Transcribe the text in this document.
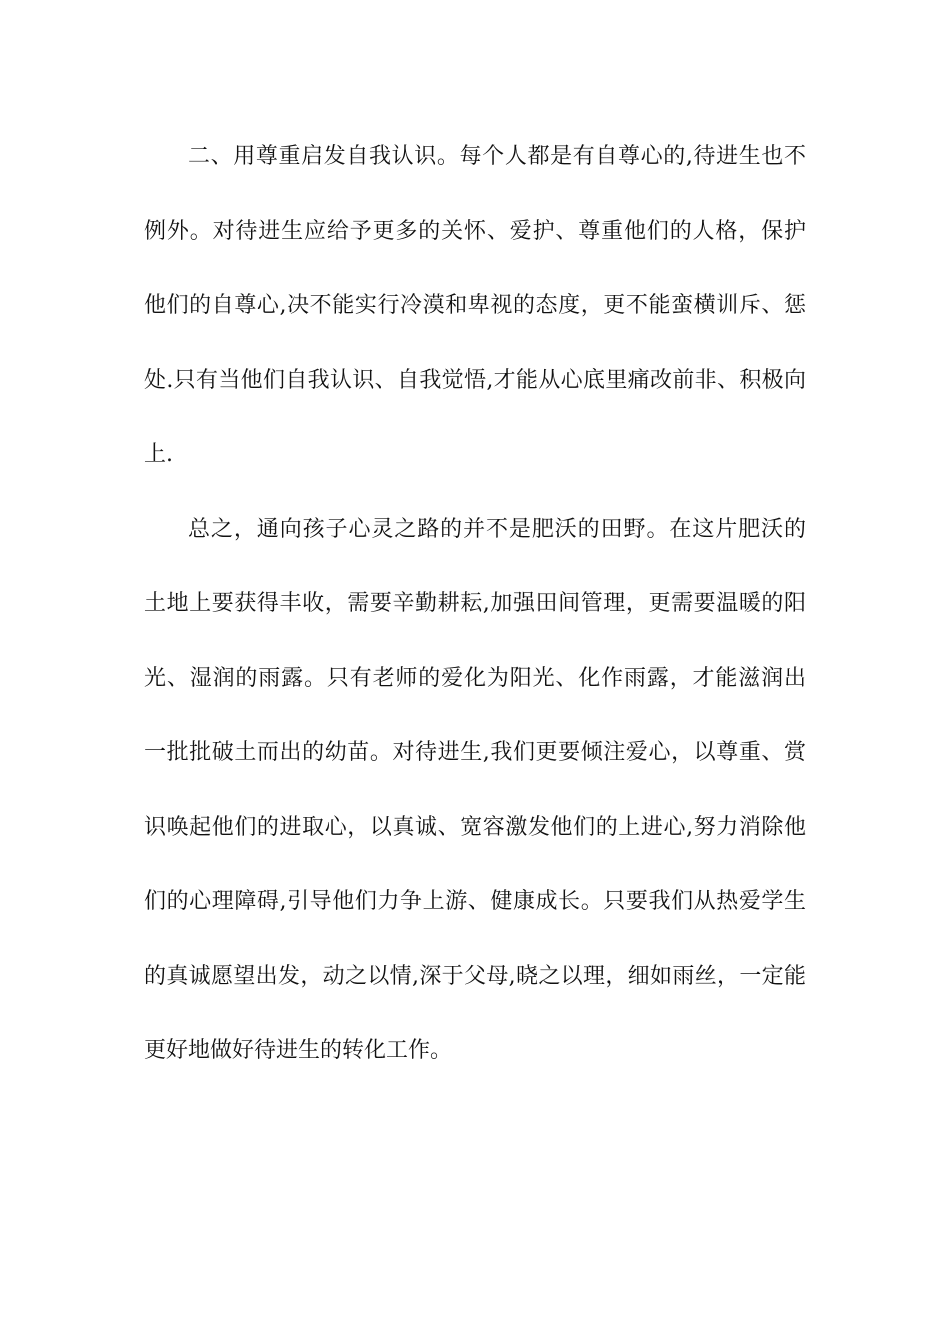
二、用尊重启发自我认识。每个人都是有自尊心的,待进生也不
例外。对待进生应给予更多的关怀、爱护、尊重他们的人格，保护
他们的自尊心,决不能实行冷漠和卑视的态度，更不能蛮横训斥、惩
处.只有当他们自我认识、自我觉悟,才能从心底里痛改前非、积极向
上.
总之，通向孩子心灵之路的并不是肥沃的田野。在这片肥沃的
土地上要获得丰收，需要辛勤耕耘,加强田间管理，更需要温暖的阳
光、湿润的雨露。只有老师的爱化为阳光、化作雨露，才能滋润出
一批批破土而出的幼苗。对待进生,我们更要倾注爱心，以尊重、赏
识唤起他们的进取心，以真诚、宽容激发他们的上进心,努力消除他
们的心理障碍,引导他们力争上游、健康成长。只要我们从热爱学生
的真诚愿望出发，动之以情,深于父母,晓之以理，细如雨丝，一定能
更好地做好待进生的转化工作。
